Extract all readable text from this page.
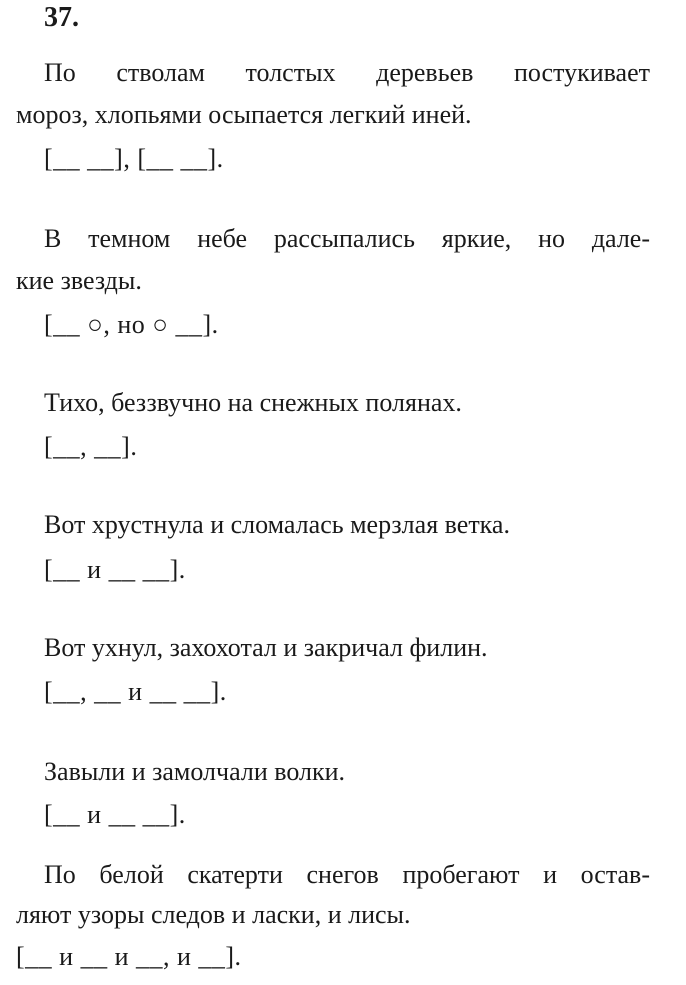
37.
По стволам толстых деревьев постукивает
мороз, хлопьями осыпается легкий иней.
[__ __], [__ __].
В темном небе рассыпались яркие, но дале-
кие звезды.
[__ ○, но ○ __].
Тихо, беззвучно на снежных полянах.
[__, __].
Вот хрустнула и сломалась мерзлая ветка.
[__ и __ __].
Вот ухнул, захохотал и закричал филин.
[__, __ и __ __].
Завыли и замолчали волки.
[__ и __ __].
По белой скатерти снегов пробегают и остав-
ляют узоры следов и ласки, и лисы.
[__ и __ и __, и __].
